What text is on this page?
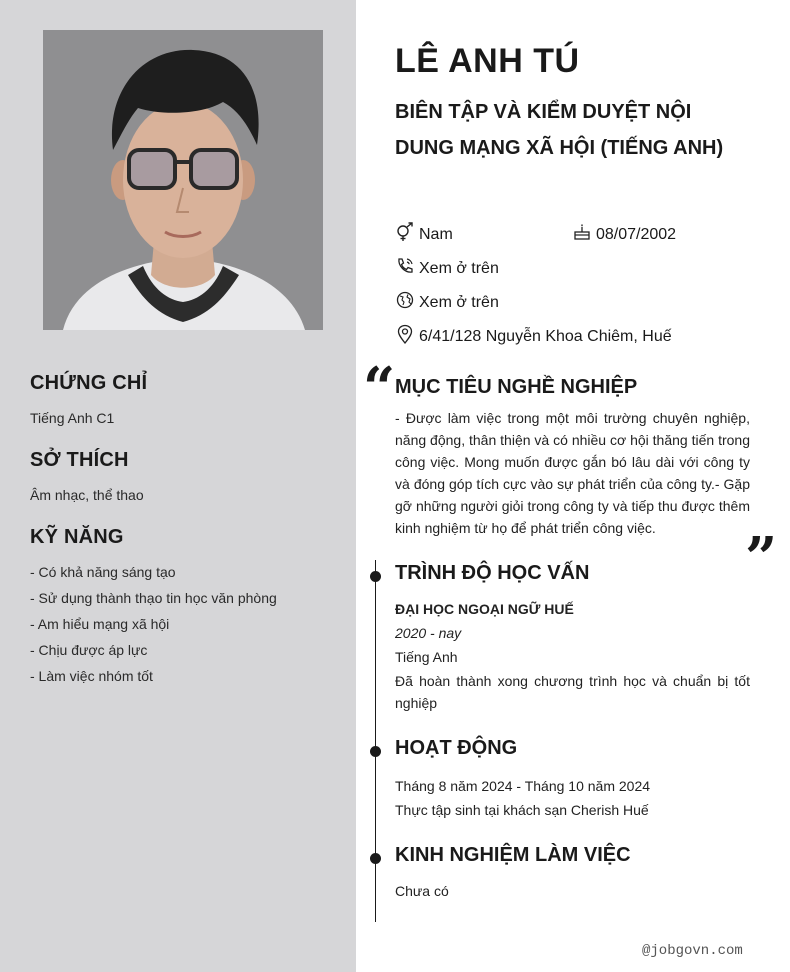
CHỨNG CHỈ
Tiếng Anh C1
SỞ THÍCH
Âm nhạc, thể thao
KỸ NĂNG
- Có khả năng sáng tạo
- Sử dụng thành thạo tin học văn phòng
- Am hiểu mạng xã hội
- Chịu được áp lực
- Làm việc nhóm tốt
LÊ ANH TÚ
BIÊN TẬP VÀ KIỂM DUYỆT NỘI DUNG MẠNG XÃ HỘI (TIẾNG ANH)
Nam	08/07/2002
Xem ở trên
Xem ở trên
6/41/128 Nguyễn Khoa Chiêm, Huế
“ MỤC TIÊU NGHỀ NGHIỆP
- Được làm việc trong một môi trường chuyên nghiệp, năng động, thân thiện và có nhiều cơ hội thăng tiến trong công việc. Mong muốn được gắn bó lâu dài với công ty và đóng góp tích cực vào sự phát triển của công ty.- Gặp gỡ những người giỏi trong công ty và tiếp thu được thêm kinh nghiệm từ họ để phát triển công việc.	”
TRÌNH ĐỘ HỌC VẤN
ĐẠI HỌC NGOẠI NGỮ HUẾ
2020 - nay
Tiếng Anh
Đã hoàn thành xong chương trình học và chuẩn bị tốt nghiệp
HOẠT ĐỘNG
Tháng 8 năm 2024 - Tháng 10 năm 2024
Thực tập sinh tại khách sạn Cherish Huế
KINH NGHIỆM LÀM VIỆC
Chưa có
@jobgovn.com
